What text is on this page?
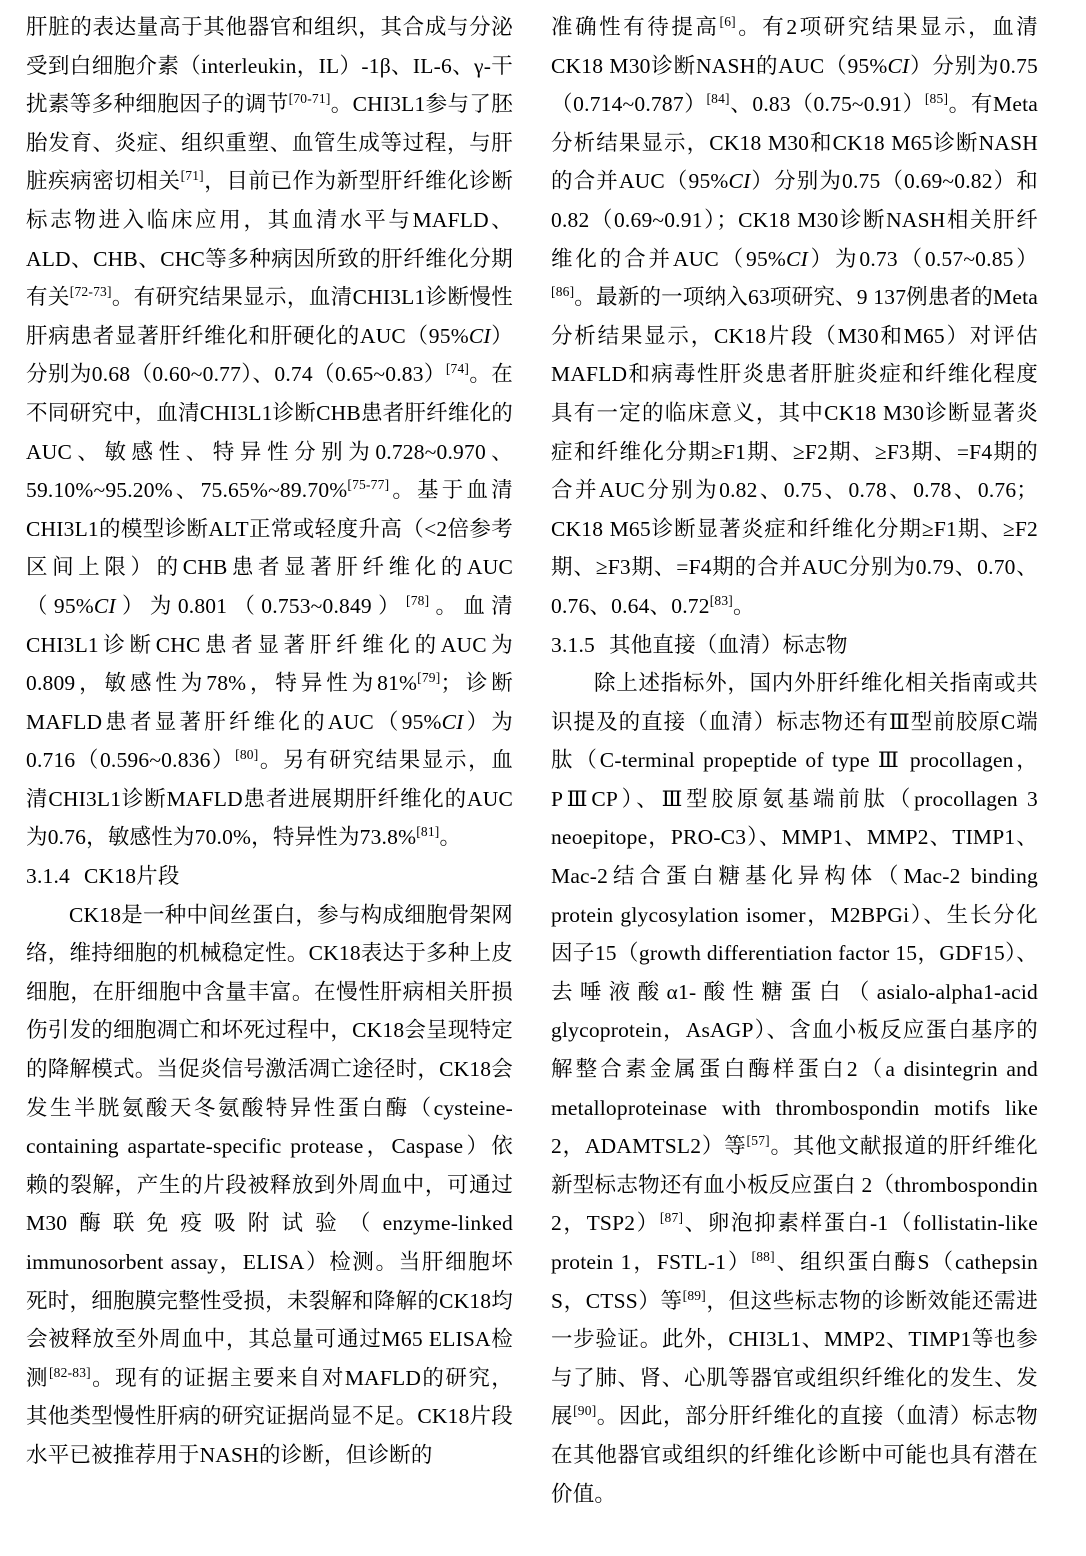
肝脏的表达量高于其他器官和组织，其合成与分泌受到白细胞介素（interleukin，IL）-1β、IL-6、γ-干扰素等多种细胞因子的调节[70-71]。CHI3L1参与了胚胎发育、炎症、组织重塑、血管生成等过程，与肝脏疾病密切相关[71]，目前已作为新型肝纤维化诊断标志物进入临床应用，其血清水平与MAFLD、ALD、CHB、CHC等多种病因所致的肝纤维化分期有关[72-73]。有研究结果显示，血清CHI3L1诊断慢性肝病患者显著肝纤维化和肝硬化的AUC（95%CI）分别为0.68（0.60~0.77）、0.74（0.65~0.83）[74]。在不同研究中，血清CHI3L1诊断CHB患者肝纤维化的AUC、敏感性、特异性分别为0.728~0.970、59.10%~95.20%、75.65%~89.70%[75-77]。基于血清CHI3L1的模型诊断ALT正常或轻度升高（<2倍参考区间上限）的CHB患者显著肝纤维化的AUC（95%CI）为0.801（0.753~0.849）[78]。血清CHI3L1诊断CHC患者显著肝纤维化的AUC为0.809，敏感性为78%，特异性为81%[79]；诊断MAFLD患者显著肝纤维化的AUC（95%CI）为0.716（0.596~0.836）[80]。另有研究结果显示，血清CHI3L1诊断MAFLD患者进展期肝纤维化的AUC为0.76，敏感性为70.0%，特异性为73.8%[81]。

3.1.4 CK18片段

CK18是一种中间丝蛋白，参与构成细胞骨架网络，维持细胞的机械稳定性。CK18表达于多种上皮细胞，在肝细胞中含量丰富。在慢性肝病相关肝损伤引发的细胞凋亡和坏死过程中，CK18会呈现特定的降解模式。当促炎信号激活凋亡途径时，CK18会发生半胱氨酸天冬氨酸特异性蛋白酶（cysteine-containing aspartate-specific protease，Caspase）依赖的裂解，产生的片段被释放到外周血中，可通过M30酶联免疫吸附试验（enzyme-linked immunosorbent assay，ELISA）检测。当肝细胞坏死时，细胞膜完整性受损，未裂解和降解的CK18均会被释放至外周血中，其总量可通过M65 ELISA检测[82-83]。现有的证据主要来自对MAFLD的研究，其他类型慢性肝病的研究证据尚显不足。CK18片段水平已被推荐用于NASH的诊断，但诊断的

准确性有待提高[6]。有2项研究结果显示，血清CK18 M30诊断NASH的AUC（95%CI）分别为0.75（0.714~0.787）[84]、0.83（0.75~0.91）[85]。有Meta分析结果显示，CK18 M30和CK18 M65诊断NASH的合并AUC（95%CI）分别为0.75（0.69~0.82）和0.82（0.69~0.91）；CK18 M30诊断NASH相关肝纤维化的合并AUC（95%CI）为0.73（0.57~0.85）[86]。最新的一项纳入63项研究、9 137例患者的Meta分析结果显示，CK18片段（M30和M65）对评估MAFLD和病毒性肝炎患者肝脏炎症和纤维化程度具有一定的临床意义，其中CK18 M30诊断显著炎症和纤维化分期≥F1期、≥F2期、≥F3期、=F4期的合并AUC分别为0.82、0.75、0.78、0.78、0.76；CK18 M65诊断显著炎症和纤维化分期≥F1期、≥F2期、≥F3期、=F4期的合并AUC分别为0.79、0.70、0.76、0.64、0.72[83]。

3.1.5 其他直接（血清）标志物

除上述指标外，国内外肝纤维化相关指南或共识提及的直接（血清）标志物还有Ⅲ型前胶原C端肽（C-terminal propeptide of type Ⅲ procollagen，PⅢCP）、Ⅲ型胶原氨基端前肽（procollagen 3 neoepitope，PRO-C3）、MMP1、MMP2、TIMP1、Mac-2结合蛋白糖基化异构体（Mac-2 binding protein glycosylation isomer，M2BPGi）、生长分化因子15（growth differentiation factor 15，GDF15）、去唾液酸α1-酸性糖蛋白（asialo-alpha1-acid glycoprotein，AsAGP）、含血小板反应蛋白基序的解整合素金属蛋白酶样蛋白2（a disintegrin and metalloproteinase with thrombospondin motifs like 2，ADAMTSL2）等[57]。其他文献报道的肝纤维化新型标志物还有血小板反应蛋白 2（thrombospondin 2，TSP2）[87]、卵泡抑素样蛋白-1（follistatin-like protein 1，FSTL-1）[88]、组织蛋白酶S（cathepsin S，CTSS）等[89]，但这些标志物的诊断效能还需进一步验证。此外，CHI3L1、MMP2、TIMP1等也参与了肺、肾、心肌等器官或组织纤维化的发生、发展[90]。因此，部分肝纤维化的直接（血清）标志物在其他器官或组织的纤维化诊断中可能也具有潜在价值。
